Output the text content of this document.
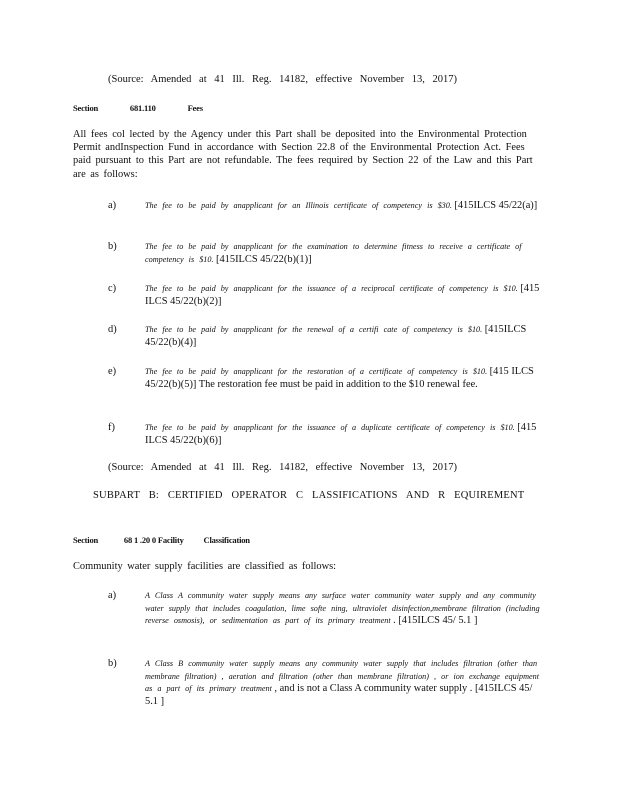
(Source: Amended at 41 Ill. Reg. 14182, effective November 13, 2017)
Section	681.110	Fees
All fees col lected by the Agency under this Part shall be deposited into the Environmental Protection Permit andInspection Fund in accordance with Section 22.8 of the Environmental Protection Act. Fees paid pursuant to this Part are not refundable. The fees required by Section 22 of the Law and this Part are as follows:
a)	The fee to be paid by anapplicant for an Illinois certificate of competency is $30. [415ILCS 45/22(a)]
b)	The fee to be paid by anapplicant for the examination to determine fitness to receive a certificate of competency is $10. [415ILCS 45/22(b)(1)]
c)	The fee to be paid by anapplicant for the issuance of a reciprocal certificate of competency is $10. [415 ILCS 45/22(b)(2)]
d)	The fee to be paid by anapplicant for the renewal of a certifi cate of competency is $10. [415ILCS 45/22(b)(4)]
e)	The fee to be paid by anapplicant for the restoration of a certificate of competency is $10. [415 ILCS 45/22(b)(5)] The restoration fee must be paid in addition to the $10 renewal fee.
f)	The fee to be paid by anapplicant for the issuance of a duplicate certificate of competency is $10. [415 ILCS 45/22(b)(6)]
(Source: Amended at 41 Ill. Reg. 14182, effective November 13, 2017)
SUBPART B: CERTIFIED OPERATOR C LASSIFICATIONS AND R EQUIREMENT
Section	68 1 .20 0 Facility Classification
Community water supply facilities are classified as follows:
a)	A Class A community water supply means any surface water community water supply and any community water supply that includes coagulation, lime softe ning, ultraviolet disinfection,membrane filtration (including reverse osmosis), or sedimentation as part of its primary treatment . [415ILCS 45/ 5.1 ]
b)	A Class B community water supply means any community water supply that includes filtration (other than membrane filtration) , aeration and filtration (other than membrane filtration) , or ion exchange equipment as a part of its primary treatment , and is not a Class A community water supply . [415ILCS 45/ 5.1 ]
